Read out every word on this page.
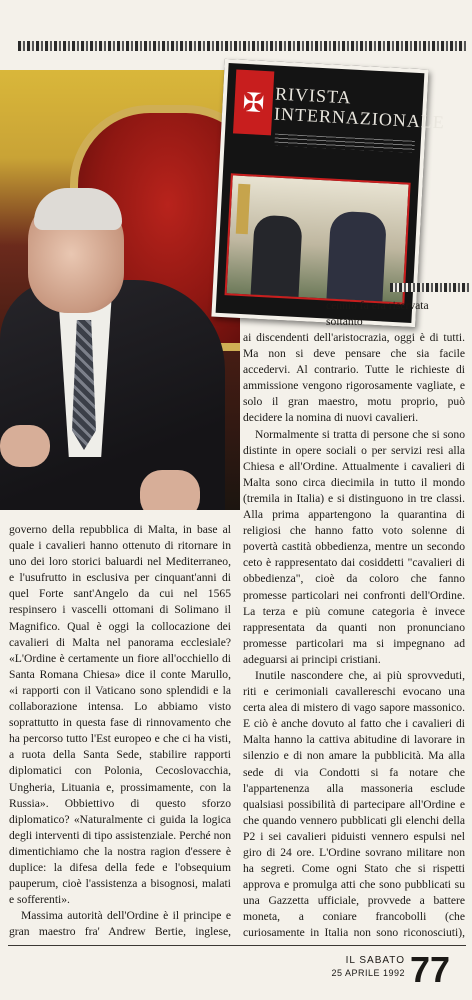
✠ RIVISTA
INTERNAZIONALE

cennio fa era riservata soltanto

governo della repubblica di Malta, in base al quale i cavalieri hanno ottenuto di ritornare in uno dei loro storici baluardi nel Mediterraneo, e l'usufrutto in esclusiva per cinquant'anni di quel Forte sant'Angelo da cui nel 1565 respinsero i vascelli ottomani di Solimano il Magnifico. Qual è oggi la collocazione dei cavalieri di Malta nel panorama ecclesiale? «L'Ordine è certamente un fiore all'occhiello di Santa Romana Chiesa» dice il conte Marullo, «i rapporti con il Vaticano sono splendidi e la collaborazione intensa. Lo abbiamo visto soprattutto in questa fase di rinnovamento che ha percorso tutto l'Est europeo e che ci ha visti, a ruota della Santa Sede, stabilire rapporti diplomatici con Polonia, Cecoslovacchia, Ungheria, Lituania e, prossimamente, con la Russia». Obbiettivo di questo sforzo diplomatico? «Naturalmente ci guida la logica degli interventi di tipo assistenziale. Perché non dimentichiamo che la nostra ragion d'essere è duplice: la difesa della fede e l'obsequium pauperum, cioè l'assistenza a bisognosi, malati e sofferenti».

Massima autorità dell'Ordine è il principe e gran maestro fra' Andrew Bertie, inglese,

ai discendenti dell'aristocrazia, oggi è di tutti. Ma non si deve pensare che sia facile accedervi. Al contrario. Tutte le richieste di ammissione vengono rigorosamente vagliate, e solo il gran maestro, motu proprio, può decidere la nomina di nuovi cavalieri.

Normalmente si tratta di persone che si sono distinte in opere sociali o per servizi resi alla Chiesa e all'Ordine. Attualmente i cavalieri di Malta sono circa diecimila in tutto il mondo (tremila in Italia) e si distinguono in tre classi. Alla prima appartengono la quarantina di religiosi che hanno fatto voto solenne di povertà castità obbedienza, mentre un secondo ceto è rappresentato dai cosiddetti "cavalieri di obbedienza", cioè da coloro che fanno promesse particolari nei confronti dell'Ordine. La terza e più comune categoria è invece rappresentata da quanti non pronunciano promesse particolari ma si impegnano ad adeguarsi ai principi cristiani.

Inutile nascondere che, ai più sprovveduti, riti e cerimoniali cavallereschi evocano una certa alea di mistero di vago sapore massonico. E ciò è anche dovuto al fatto che i cavalieri di Malta hanno la cattiva abitudine di lavorare in silenzio e di non amare la pubblicità. Ma alla sede di via Condotti si fa notare che l'appartenenza alla massoneria esclude qualsiasi possibilità di partecipare all'Ordine e che quando vennero pubblicati gli elenchi della P2 i sei cavalieri piduisti vennero espulsi nel giro di 24 ore. L'Ordine sovrano militare non ha segreti. Come ogni Stato che si rispetti approva e promulga atti che sono pubblicati su una Gazzetta ufficiale, provvede a battere moneta, a coniare francobolli (che curiosamente in Italia non sono riconosciuti),

IL SABATO
25 APRILE 1992 77
